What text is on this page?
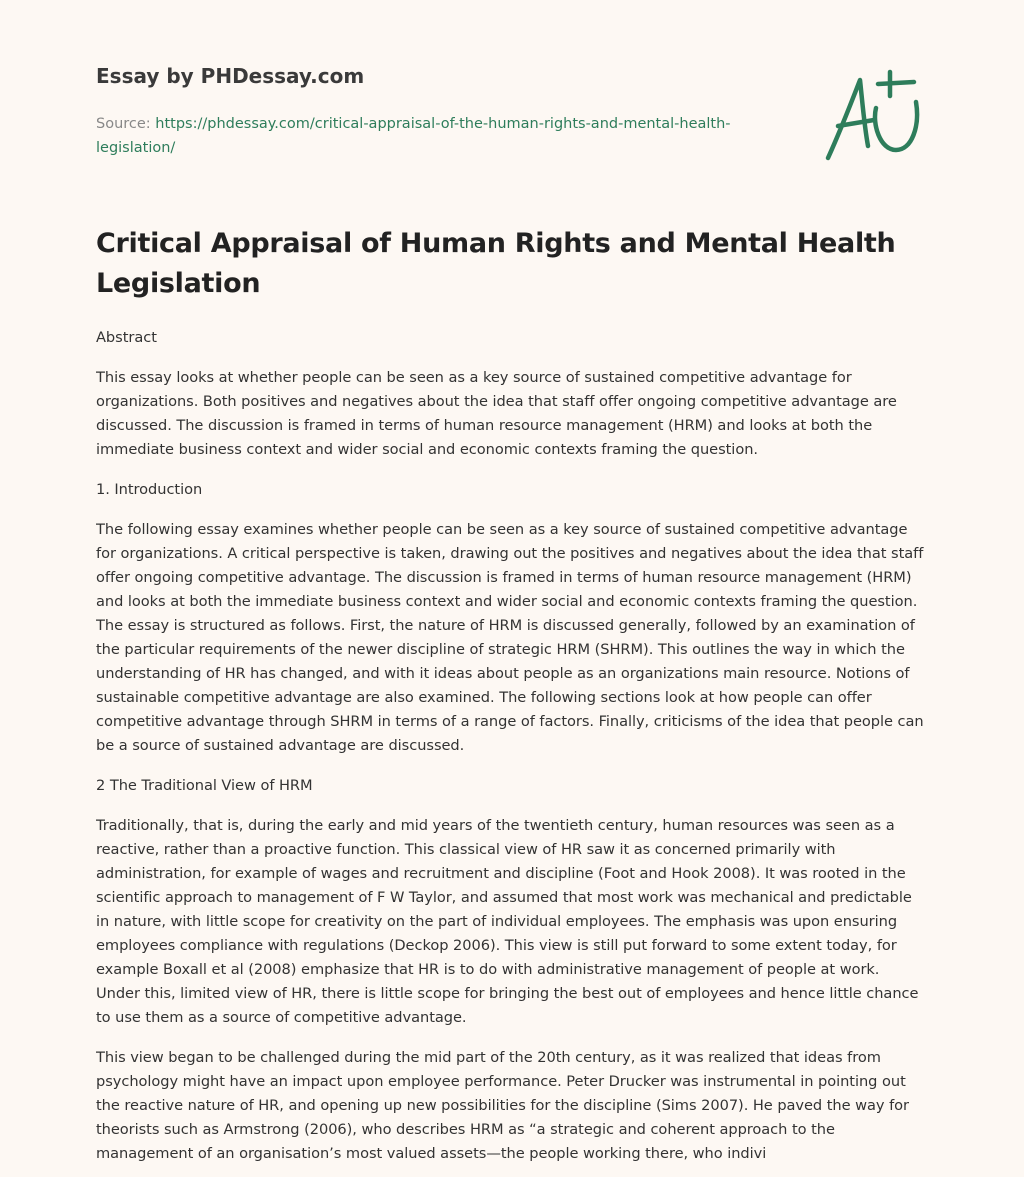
Essay by PHDessay.com
Source: https://phdessay.com/critical-appraisal-of-the-human-rights-and-mental-health-legislation/
Critical Appraisal of Human Rights and Mental Health Legislation

Abstract

This essay looks at whether people can be seen as a key source of sustained competitive advantage for organizations. Both positives and negatives about the idea that staff offer ongoing competitive advantage are discussed. The discussion is framed in terms of human resource management (HRM) and looks at both the immediate business context and wider social and economic contexts framing the question.

1. Introduction

The following essay examines whether people can be seen as a key source of sustained competitive advantage for organizations. A critical perspective is taken, drawing out the positives and negatives about the idea that staff offer ongoing competitive advantage. The discussion is framed in terms of human resource management (HRM) and looks at both the immediate business context and wider social and economic contexts framing the question. The essay is structured as follows. First, the nature of HRM is discussed generally, followed by an examination of the particular requirements of the newer discipline of strategic HRM (SHRM). This outlines the way in which the understanding of HR has changed, and with it ideas about people as an organizations main resource. Notions of sustainable competitive advantage are also examined. The following sections look at how people can offer competitive advantage through SHRM in terms of a range of factors. Finally, criticisms of the idea that people can be a source of sustained advantage are discussed.

2 The Traditional View of HRM

Traditionally, that is, during the early and mid years of the twentieth century, human resources was seen as a reactive, rather than a proactive function. This classical view of HR saw it as concerned primarily with administration, for example of wages and recruitment and discipline (Foot and Hook 2008). It was rooted in the scientific approach to management of F W Taylor, and assumed that most work was mechanical and predictable in nature, with little scope for creativity on the part of individual employees. The emphasis was upon ensuring employees compliance with regulations (Deckop 2006). This view is still put forward to some extent today, for example Boxall et al (2008) emphasize that HR is to do with administrative management of people at work. Under this, limited view of HR, there is little scope for bringing the best out of employees and hence little chance to use them as a source of competitive advantage.

This view began to be challenged during the mid part of the 20th century, as it was realized that ideas from psychology might have an impact upon employee performance. Peter Drucker was instrumental in pointing out the reactive nature of HR, and opening up new possibilities for the discipline (Sims 2007). He paved the way for theorists such as Armstrong (2006), who describes HRM as “a strategic and coherent approach to the management of an organisation’s most valued assets—the people working there, who indivi
